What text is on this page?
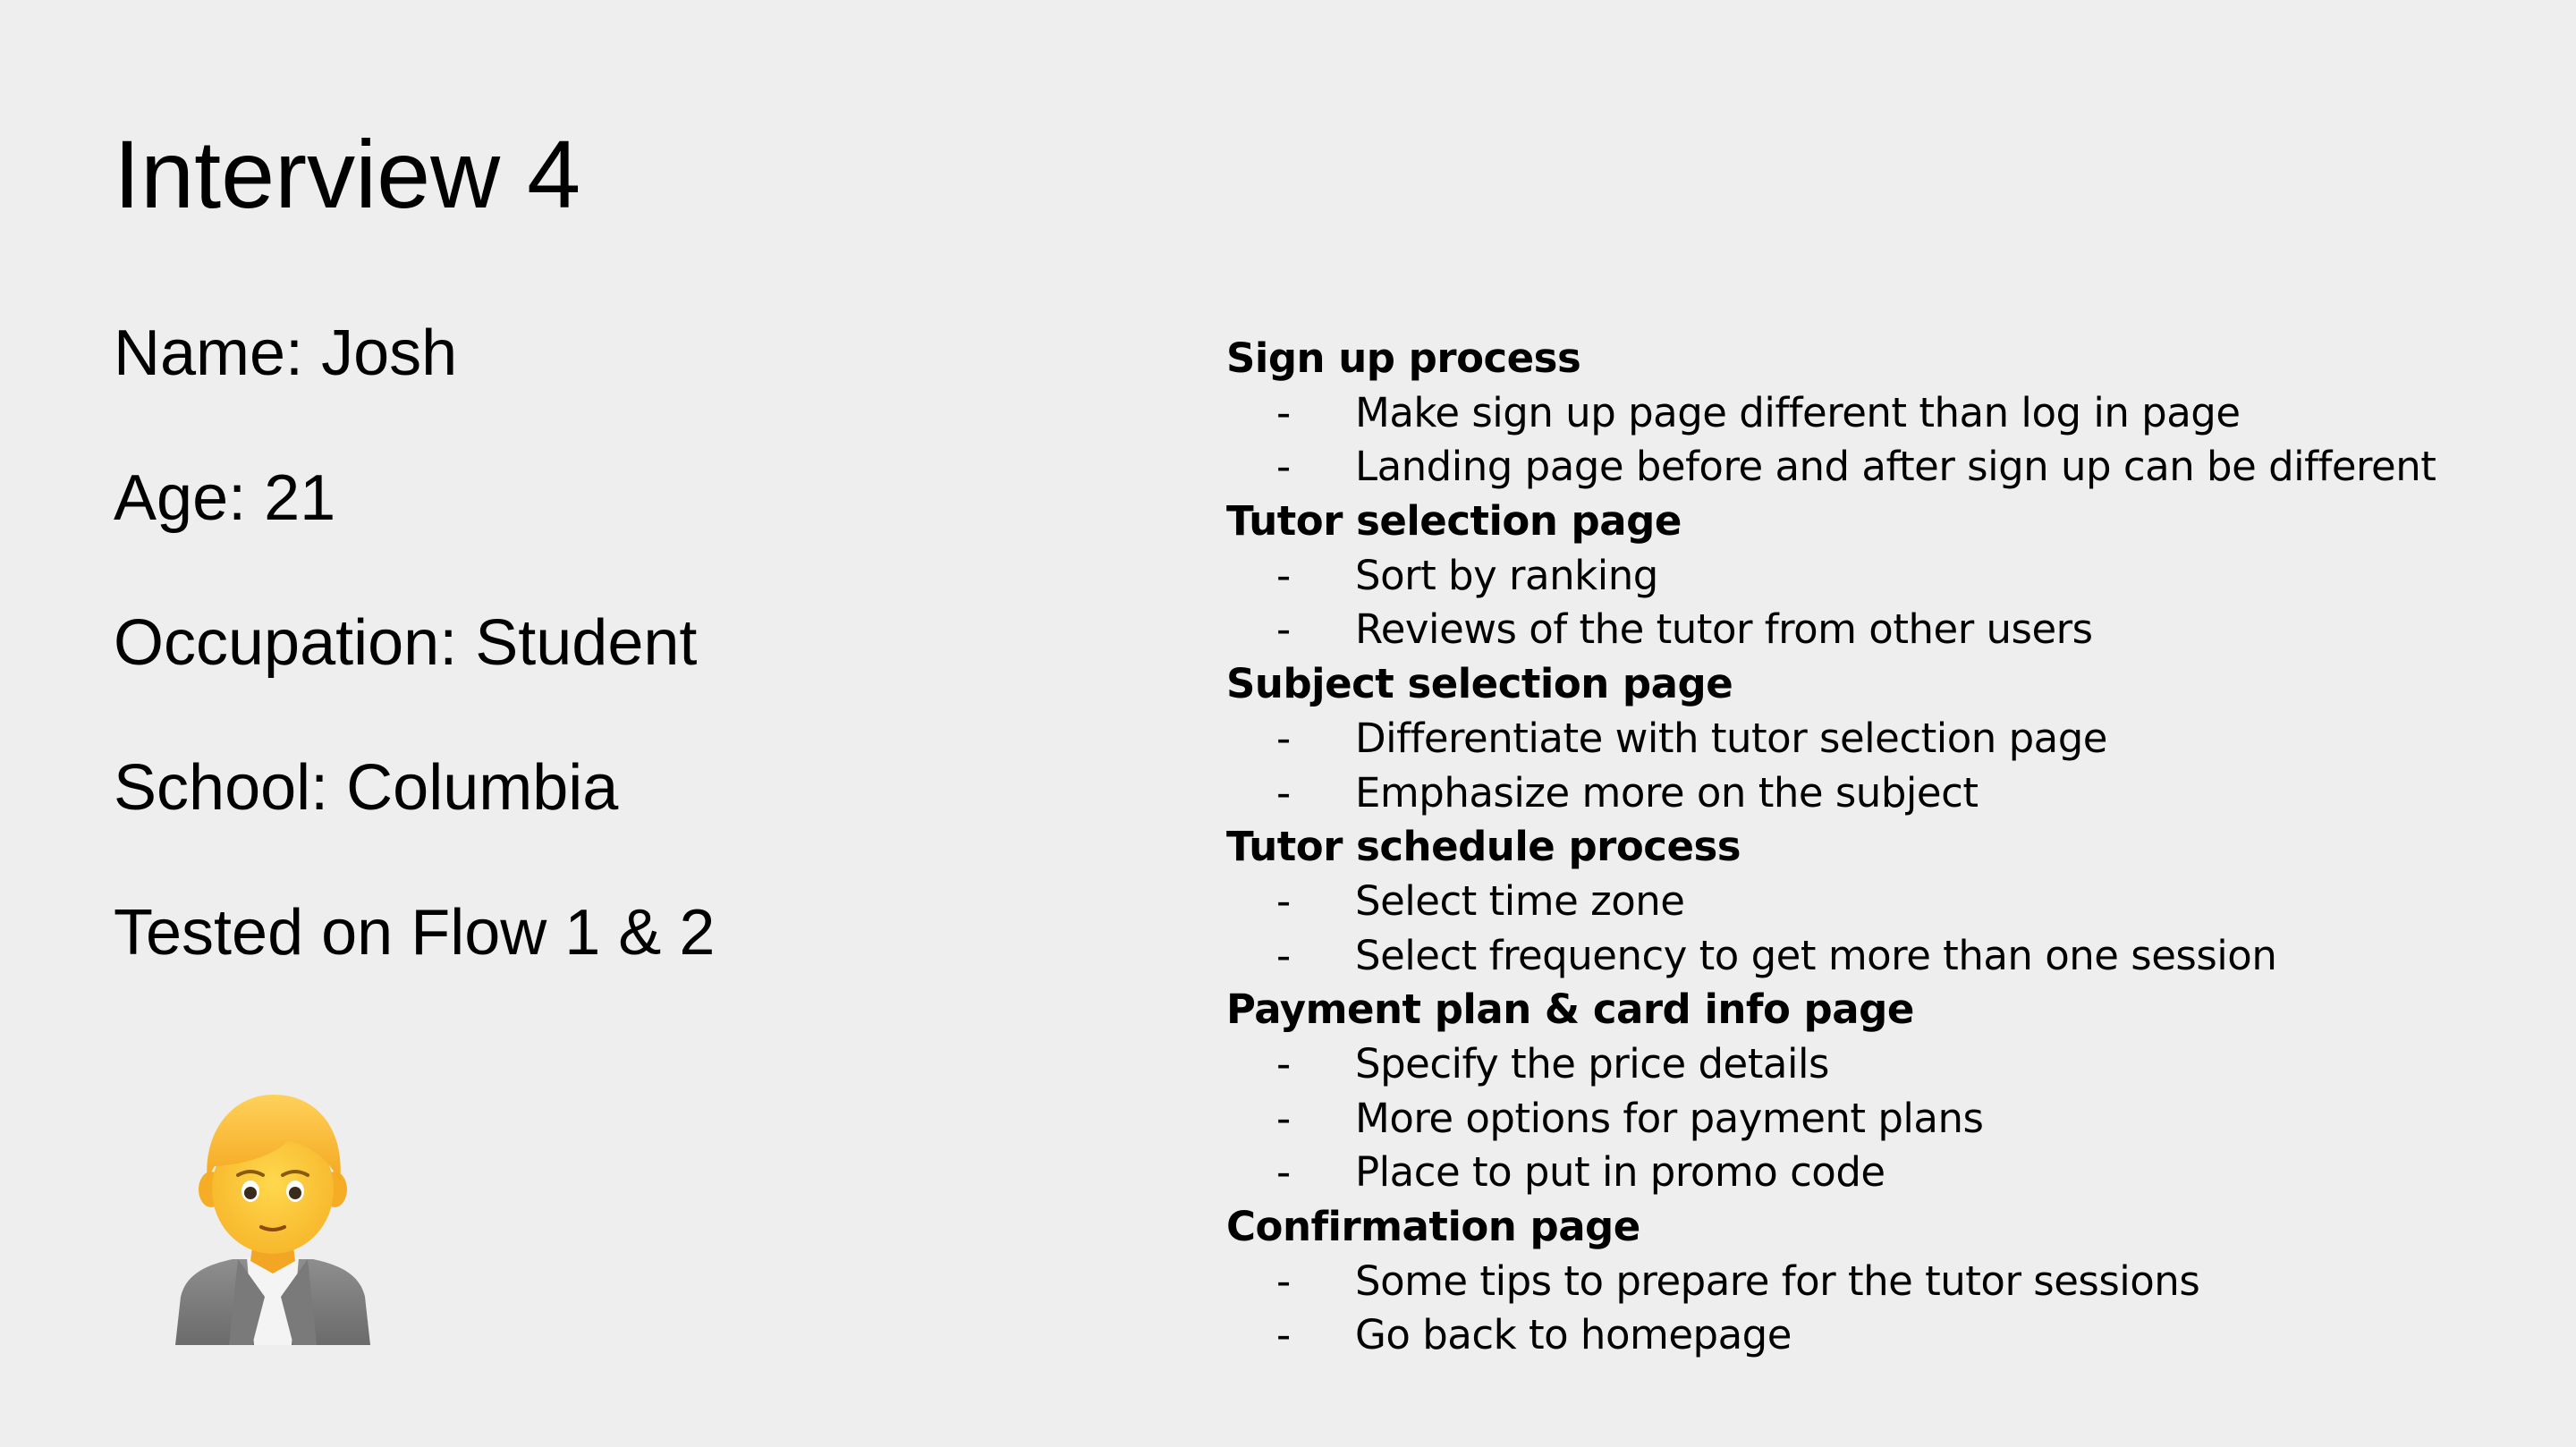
Interview 4
Name: Josh
Age: 21
Occupation: Student
School: Columbia
Tested on Flow 1 & 2
Sign up process
- Make sign up page different than log in page
- Landing page before and after sign up can be different
Tutor selection page
- Sort by ranking
- Reviews of the tutor from other users
Subject selection page
- Differentiate with tutor selection page
- Emphasize more on the subject
Tutor schedule process
- Select time zone
- Select frequency to get more than one session
Payment plan & card info page
- Specify the price details
- More options for payment plans
- Place to put in promo code
Confirmation page
- Some tips to prepare for the tutor sessions
- Go back to homepage
